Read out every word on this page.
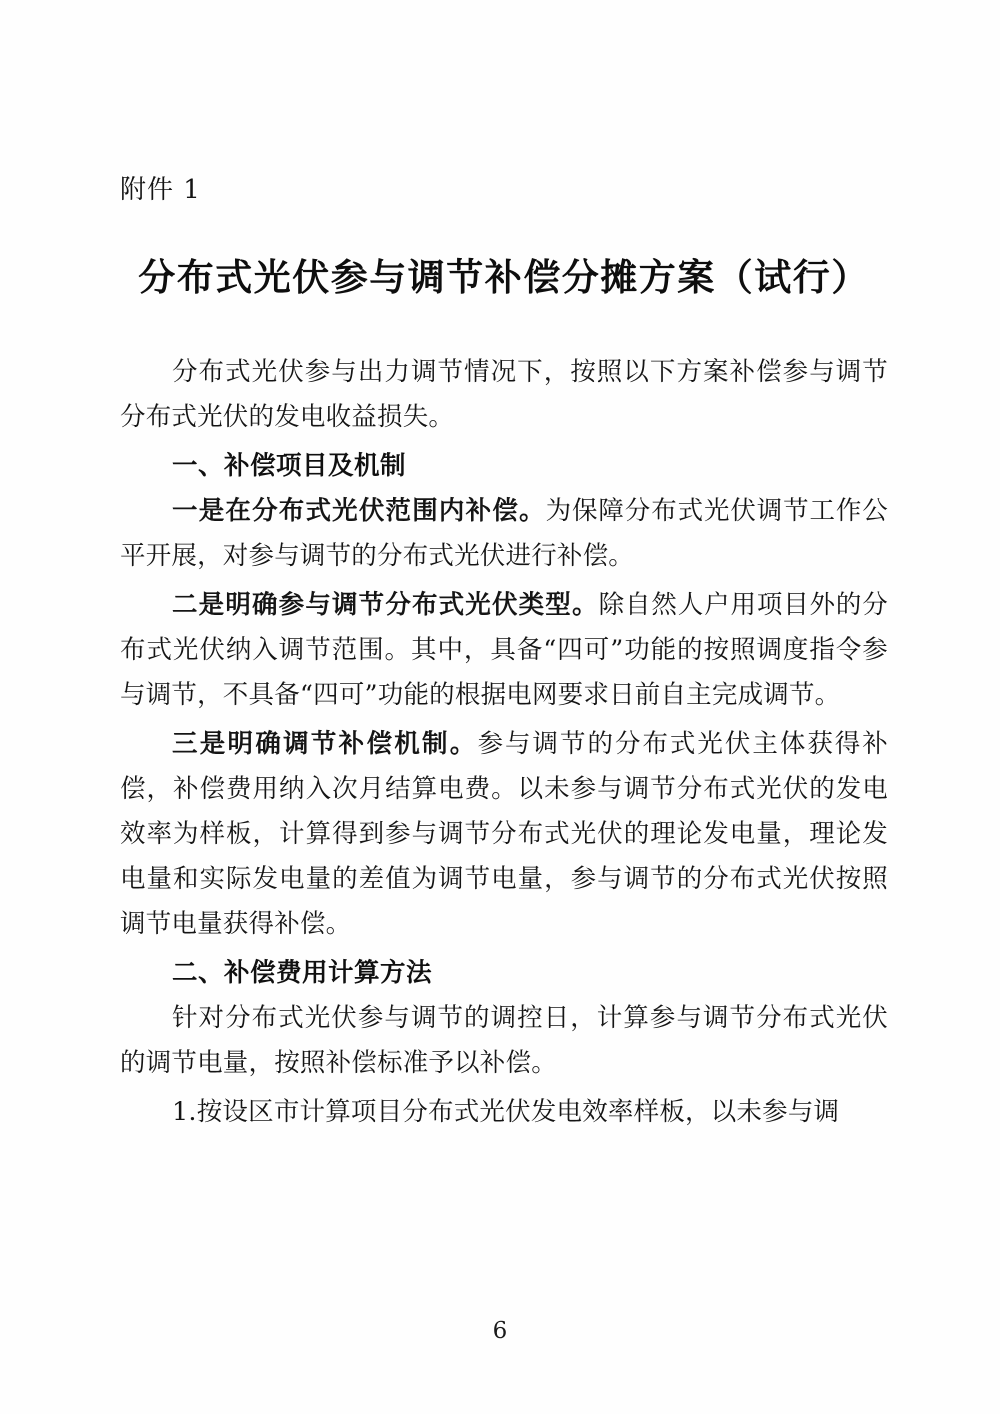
附件 1
分布式光伏参与调节补偿分摊方案（试行）

分布式光伏参与出力调节情况下，按照以下方案补偿参与调节分布式光伏的发电收益损失。

一、补偿项目及机制

一是在分布式光伏范围内补偿。为保障分布式光伏调节工作公平开展，对参与调节的分布式光伏进行补偿。

二是明确参与调节分布式光伏类型。除自然人户用项目外的分布式光伏纳入调节范围。其中，具备“四可”功能的按照调度指令参与调节，不具备“四可”功能的根据电网要求日前自主完成调节。

三是明确调节补偿机制。参与调节的分布式光伏主体获得补偿，补偿费用纳入次月结算电费。以未参与调节分布式光伏的发电效率为样板，计算得到参与调节分布式光伏的理论发电量，理论发电量和实际发电量的差值为调节电量，参与调节的分布式光伏按照调节电量获得补偿。

二、补偿费用计算方法

针对分布式光伏参与调节的调控日，计算参与调节分布式光伏的调节电量，按照补偿标准予以补偿。

1.按设区市计算项目分布式光伏发电效率样板，以未参与调

6
